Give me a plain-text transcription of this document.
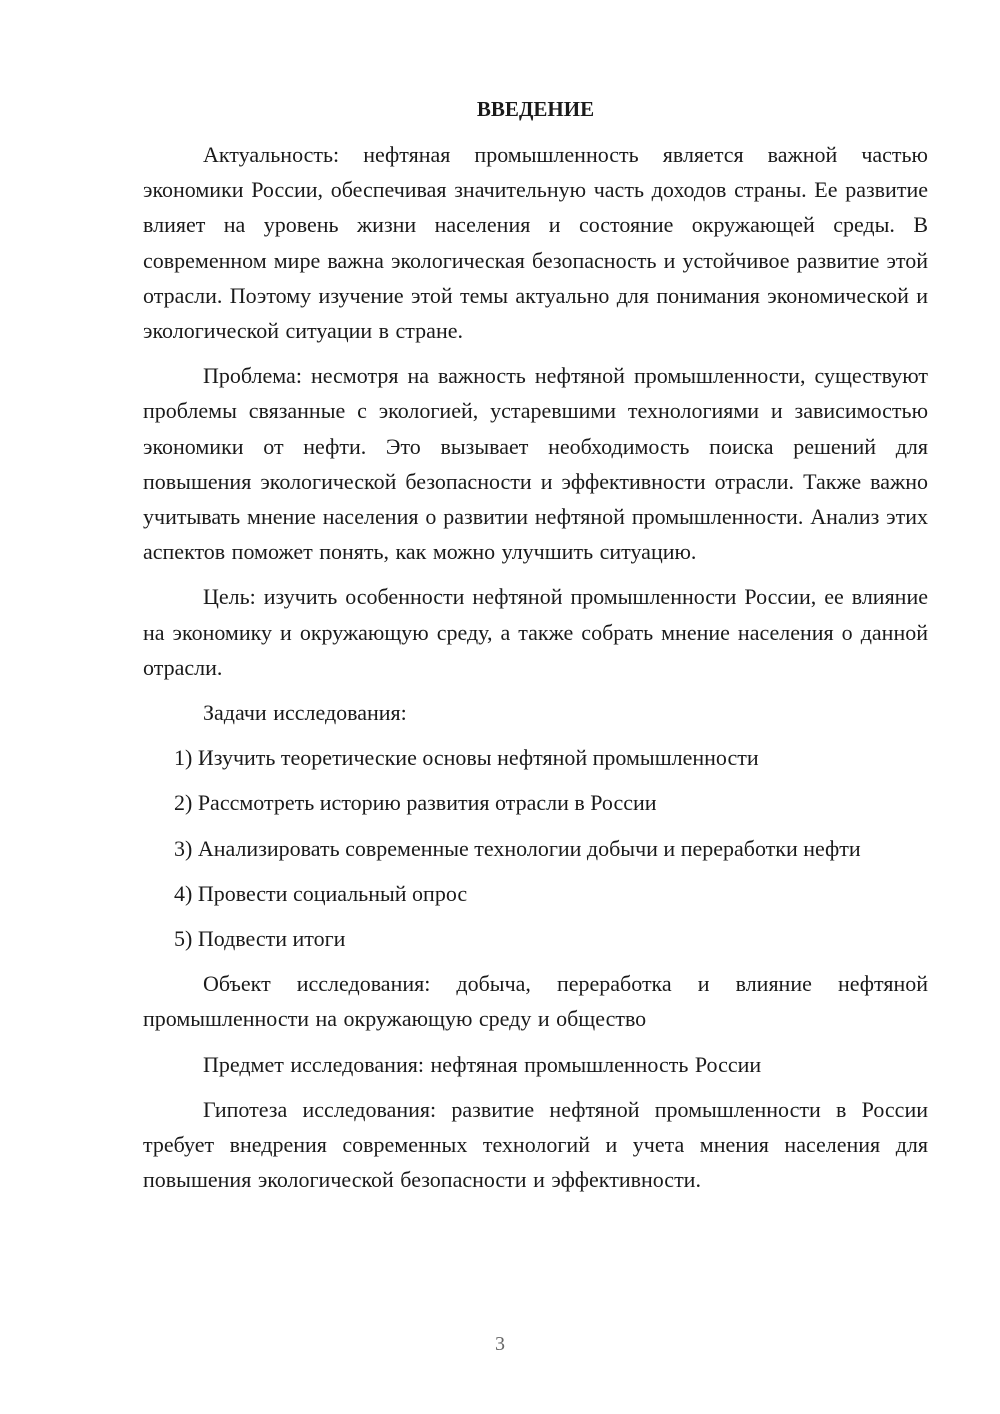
ВВЕДЕНИЕ

Актуальность: нефтяная промышленность является важной частью экономики России, обеспечивая значительную часть доходов страны. Ее развитие влияет на уровень жизни населения и состояние окружающей среды. В современном мире важна экологическая безопасность и устойчивое развитие этой отрасли. Поэтому изучение этой темы актуально для понимания экономической и экологической ситуации в стране.

Проблема: несмотря на важность нефтяной промышленности, существуют проблемы связанные с экологией, устаревшими технологиями и зависимостью экономики от нефти. Это вызывает необходимость поиска решений для повышения экологической безопасности и эффективности отрасли. Также важно учитывать мнение населения о развитии нефтяной промышленности. Анализ этих аспектов поможет понять, как можно улучшить ситуацию.

Цель: изучить особенности нефтяной промышленности России, ее влияние на экономику и окружающую среду, а также собрать мнение населения о данной отрасли.

Задачи исследования:

1) Изучить теоретические основы нефтяной промышленности

2) Рассмотреть историю развития отрасли в России

3) Анализировать современные технологии добычи и переработки нефти

4) Провести социальный опрос

5) Подвести итоги

Объект исследования: добыча, переработка и влияние нефтяной промышленности на окружающую среду и общество

Предмет исследования: нефтяная промышленность России

Гипотеза исследования: развитие нефтяной промышленности в России требует внедрения современных технологий и учета мнения населения для повышения экологической безопасности и эффективности.

3
